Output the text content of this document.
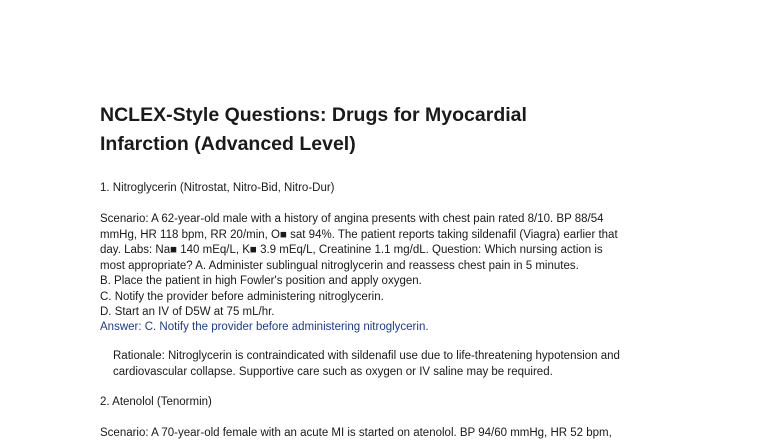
NCLEX-Style Questions: Drugs for Myocardial
Infarction (Advanced Level)
1. Nitroglycerin (Nitrostat, Nitro-Bid, Nitro-Dur)
Scenario: A 62-year-old male with a history of angina presents with chest pain rated 8/10. BP 88/54
mmHg, HR 118 bpm, RR 20/min, O■ sat 94%. The patient reports taking sildenafil (Viagra) earlier that
day. Labs: Na■ 140 mEq/L, K■ 3.9 mEq/L, Creatinine 1.1 mg/dL. Question: Which nursing action is
most appropriate? A. Administer sublingual nitroglycerin and reassess chest pain in 5 minutes.
B. Place the patient in high Fowler's position and apply oxygen.
C. Notify the provider before administering nitroglycerin.
D. Start an IV of D5W at 75 mL/hr.
Answer: C. Notify the provider before administering nitroglycerin.
Rationale: Nitroglycerin is contraindicated with sildenafil use due to life-threatening hypotension and
cardiovascular collapse. Supportive care such as oxygen or IV saline may be required.
2. Atenolol (Tenormin)
Scenario: A 70-year-old female with an acute MI is started on atenolol. BP 94/60 mmHg, HR 52 bpm,
